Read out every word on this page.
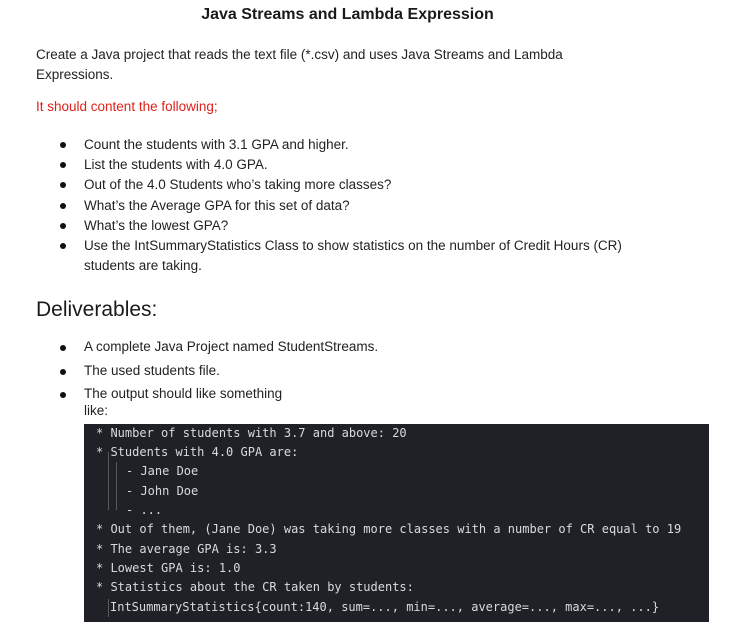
Java Streams and Lambda Expression
Create a Java project that reads the text file (*.csv) and uses Java Streams and Lambda Expressions.
It should content the following;
Count the students with 3.1 GPA and higher.
List the students with 4.0 GPA.
Out of the 4.0 Students who’s taking more classes?
What’s the Average GPA for this set of data?
What’s the lowest GPA?
Use the IntSummaryStatistics Class to show statistics on the number of Credit Hours (CR) students are taking.
Deliverables:
A complete Java Project named StudentStreams.
The used students file.
The output should like something like:
* Number of students with 3.7 and above: 20
* Students with 4.0 GPA are:
- Jane Doe
- John Doe
- ...
* Out of them, (Jane Doe) was taking more classes with a number of CR equal to 19
* The average GPA is: 3.3
* Lowest GPA is: 1.0
* Statistics about the CR taken by students:
IntSummaryStatistics{count:140, sum=..., min=..., average=..., max=..., ...}
